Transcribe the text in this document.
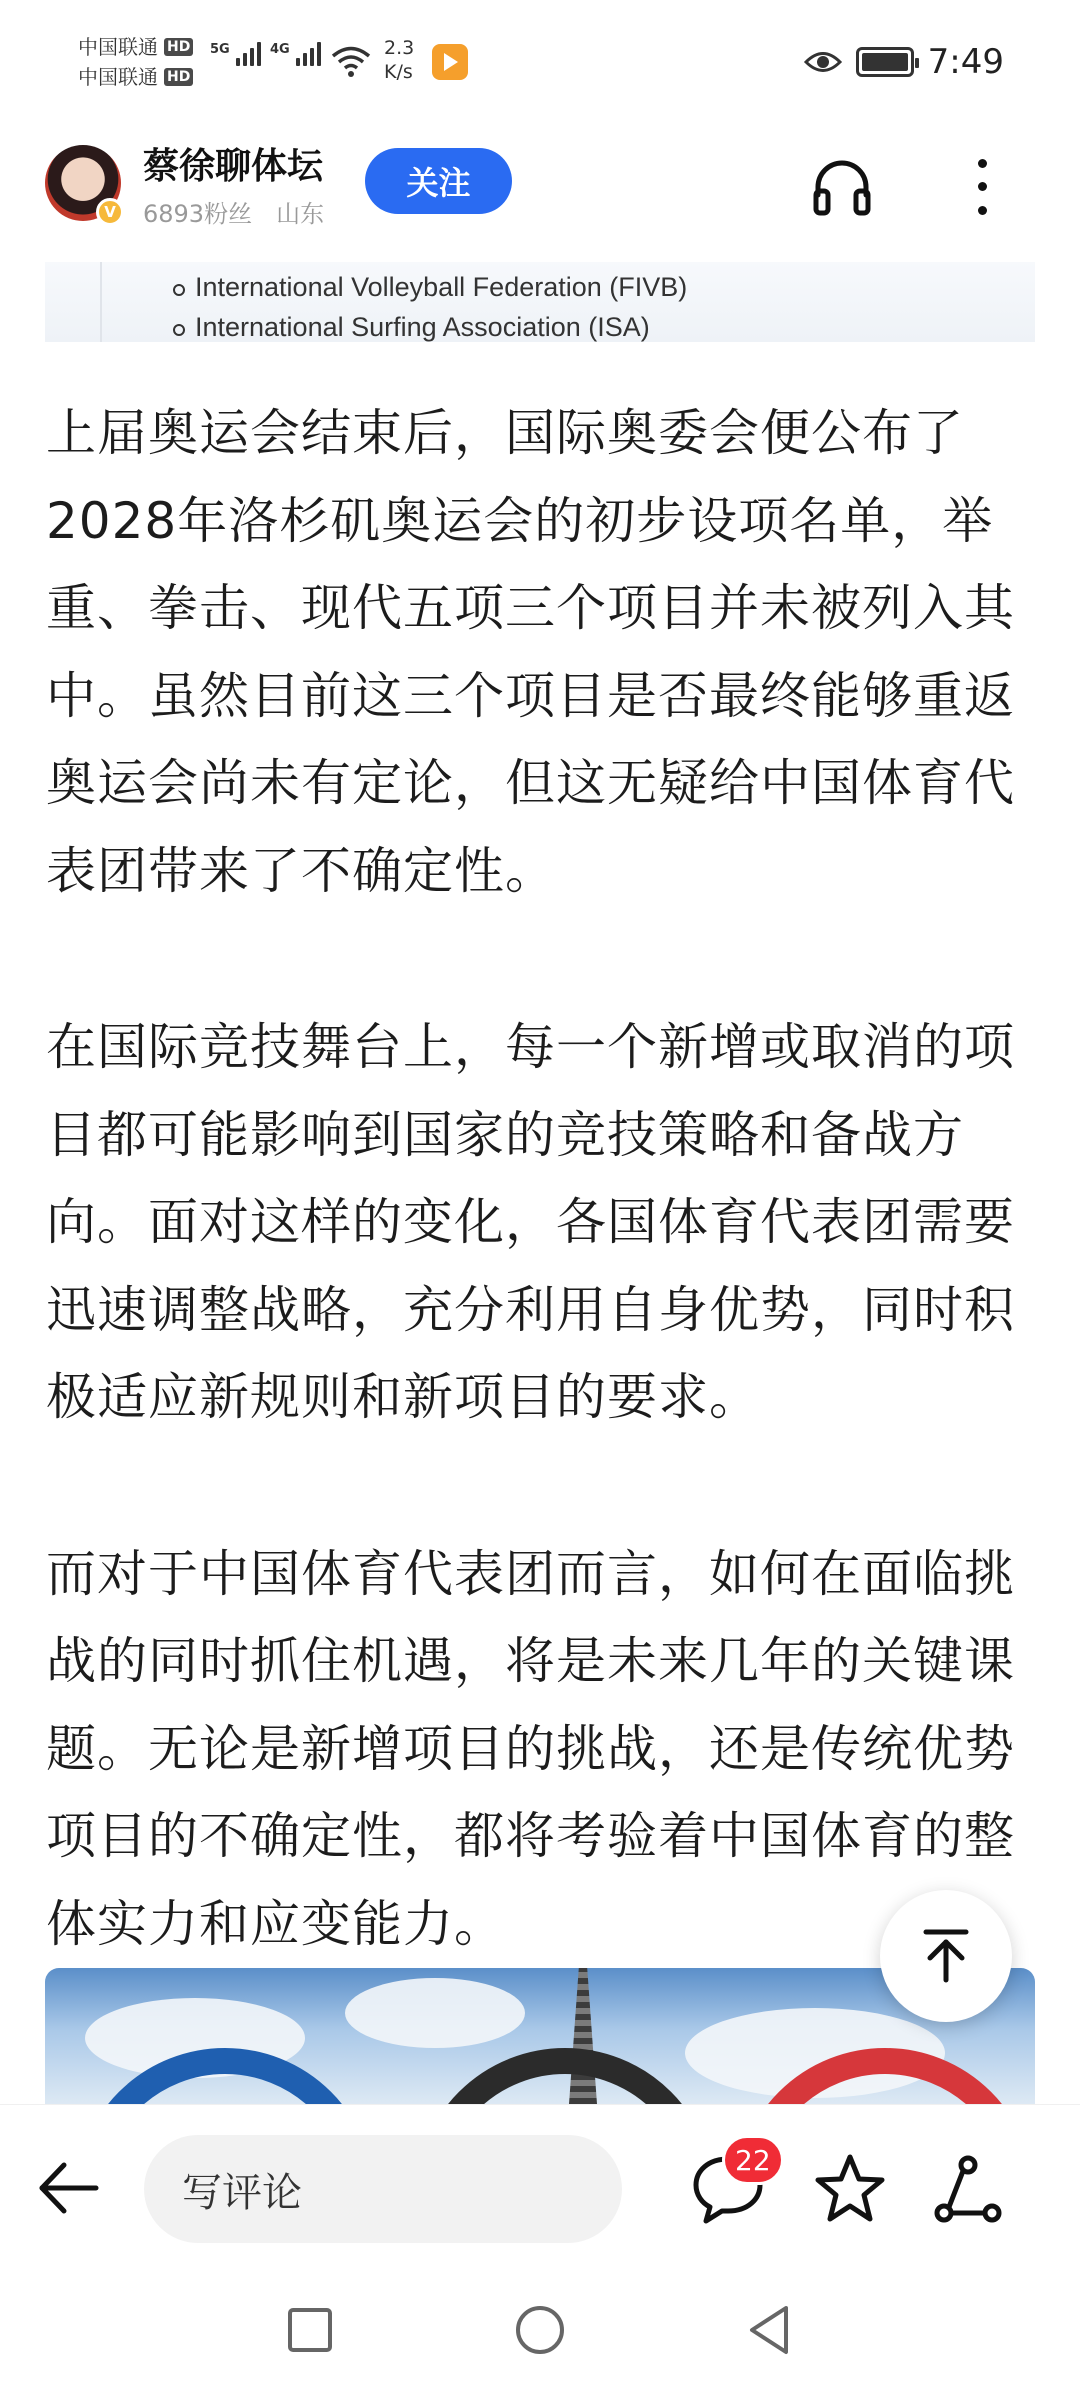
中国联通 HD
中国联通 HD
5G	4G	2.3
K/s	7:49
V
蔡徐聊体坛
6893粉丝 山东
关注
International Volleyball Federation (FIVB)
International Surfing Association (ISA)

上届奥运会结束后，国际奥委会便公布了2028年洛杉矶奥运会的初步设项名单，举重、拳击、现代五项三个项目并未被列入其中。虽然目前这三个项目是否最终能够重返奥运会尚未有定论，但这无疑给中国体育代表团带来了不确定性。

在国际竞技舞台上，每一个新增或取消的项目都可能影响到国家的竞技策略和备战方向。面对这样的变化，各国体育代表团需要迅速调整战略，充分利用自身优势，同时积极适应新规则和新项目的要求。

而对于中国体育代表团而言，如何在面临挑战的同时抓住机遇，将是未来几年的关键课题。无论是新增项目的挑战，还是传统优势项目的不确定性，都将考验着中国体育的整体实力和应变能力。

写评论
22
